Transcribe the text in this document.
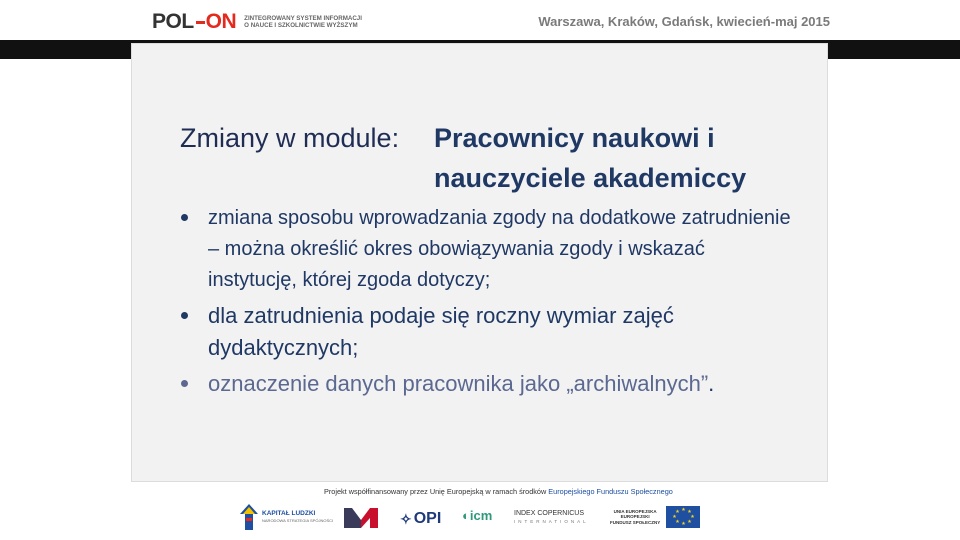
POL ON ZINTEGROWANY SYSTEM INFORMACJI O NAUCE I SZKOLNICTWIE WYŻSZYM	Warszawa, Kraków, Gdańsk, kwiecień-maj 2015
Zmiany w module: Pracownicy naukowi i nauczyciele akademiccy
zmiana sposobu wprowadzania zgody na dodatkowe zatrudnienie – można określić okres obowiązywania zgody i wskazać instytucję, której zgoda dotyczy;
dla zatrudnienia podaje się roczny wymiar zajęć dydaktycznych;
oznaczenie danych pracownika jako „archiwalnych”.
Projekt współfinansowany przez Unię Europejską w ramach środków Europejskiego Funduszu Społecznego
KAPITAŁ LUDZKI
NARODOWA STRATEGIA SPÓJNOŚCI	✧ OPI ◐ icm	INDEX COPERNICUS
INTERNATIONAL
UNIA EUROPEJSKA
EUROPEJSKI
FUNDUSZ SPOŁECZNY
★ ★
★
★
★
★
★
★
